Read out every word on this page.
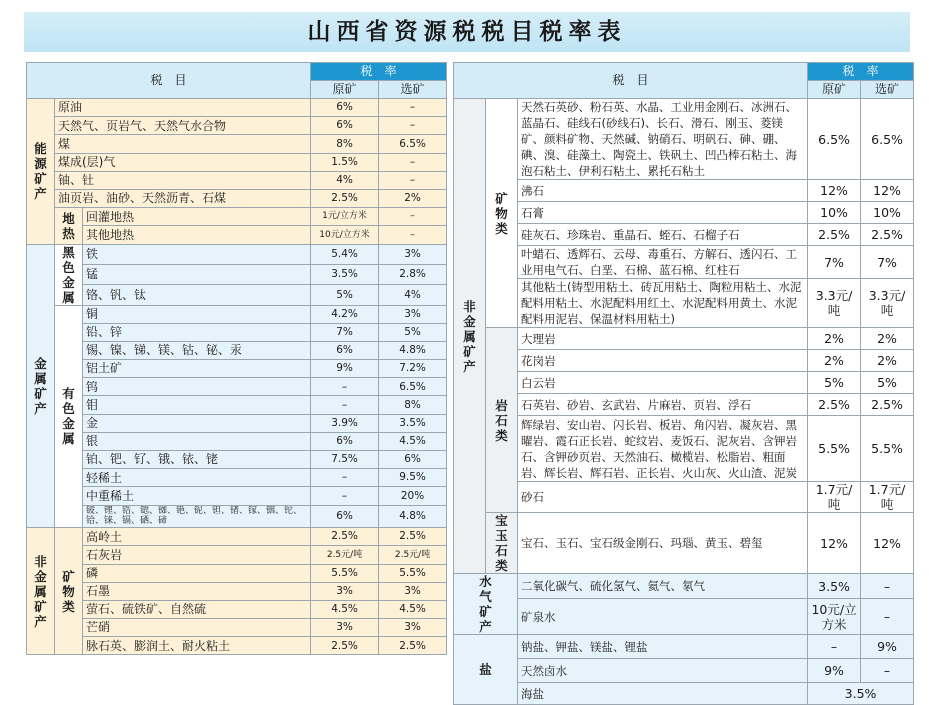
山西省资源税税目税率表
税　目			税　率	
			原矿	选矿
能源矿产	原油		6%	–
	天然气、页岩气、天然气水合物		6%	–
	煤		8%	6.5%
	煤成(层)气		1.5%	–
	铀、钍		4%	–
	油页岩、油砂、天然沥青、石煤		2.5%	2%
	地热	回灌地热	1元/立方米	–
		其他地热	10元/立方米	–
金属矿产	黑色金属	铁	5.4%	3%
		锰	3.5%	2.8%
		铬、钒、钛	5%	4%
	有色金属	铜	4.2%	3%
		铅、锌	7%	5%
		锡、镍、锑、镁、钴、铋、汞	6%	4.8%
		铝土矿	9%	7.2%
		钨	–	6.5%
		钼	–	8%
		金	3.9%	3.5%
		银	6%	4.5%
		铂、钯、钌、锇、铱、铑	7.5%	6%
		轻稀土	–	9.5%
		中重稀土	–	20%
		铍、锂、锆、锶、铷、铯、铌、钽、锗、镓、铟、铊、铪、铼、镉、硒、碲	6%	4.8%
非金属矿产	矿物类	高岭土	2.5%	2.5%
		石灰岩	2.5元/吨	2.5元/吨
		磷	5.5%	5.5%
		石墨	3%	3%
		萤石、硫铁矿、自然硫	4.5%	4.5%
		芒硝	3%	3%
		脉石英、膨润土、耐火粘土	2.5%	2.5%
税　目			税　率	
			原矿	选矿
非金属矿产	矿物类	天然石英砂、粉石英、水晶、工业用金刚石、冰洲石、蓝晶石、硅线石(砂线石)、长石、滑石、刚玉、菱镁矿、颜料矿物、天然碱、钠硝石、明矾石、砷、硼、碘、溴、硅藻土、陶瓷土、铁矾土、凹凸棒石粘土、海泡石粘土、伊利石粘土、累托石粘土	6.5%	6.5%
		沸石	12%	12%
		石膏	10%	10%
		硅灰石、珍珠岩、重晶石、蛭石、石榴子石	2.5%	2.5%
		叶蜡石、透辉石、云母、毒重石、方解石、透闪石、工业用电气石、白垩、石棉、蓝石棉、红柱石	7%	7%
		其他粘土(铸型用粘土、砖瓦用粘土、陶粒用粘土、水泥配料用粘土、水泥配料用红土、水泥配料用黄土、水泥配料用泥岩、保温材料用粘土)	3.3元/吨	3.3元/吨
	岩石类	大理岩	2%	2%
		花岗岩	2%	2%
		白云岩	5%	5%
		石英岩、砂岩、玄武岩、片麻岩、页岩、浮石	2.5%	2.5%
		辉绿岩、安山岩、闪长岩、板岩、角闪岩、凝灰岩、黑曜岩、霞石正长岩、蛇纹岩、麦饭石、泥灰岩、含钾岩石、含钾砂页岩、天然油石、橄榄岩、松脂岩、粗面岩、辉长岩、辉石岩、正长岩、火山灰、火山渣、泥炭	5.5%	5.5%
		砂石	1.7元/吨	1.7元/吨
	宝玉石类	宝石、玉石、宝石级金刚石、玛瑙、黄玉、碧玺	12%	12%
水气矿产		二氧化碳气、硫化氢气、氦气、氡气	3.5%	–
		矿泉水	10元/立方米	–
盐		钠盐、钾盐、镁盐、锂盐	–	9%
		天然卤水	9%	–
		海盐	3.5%	
